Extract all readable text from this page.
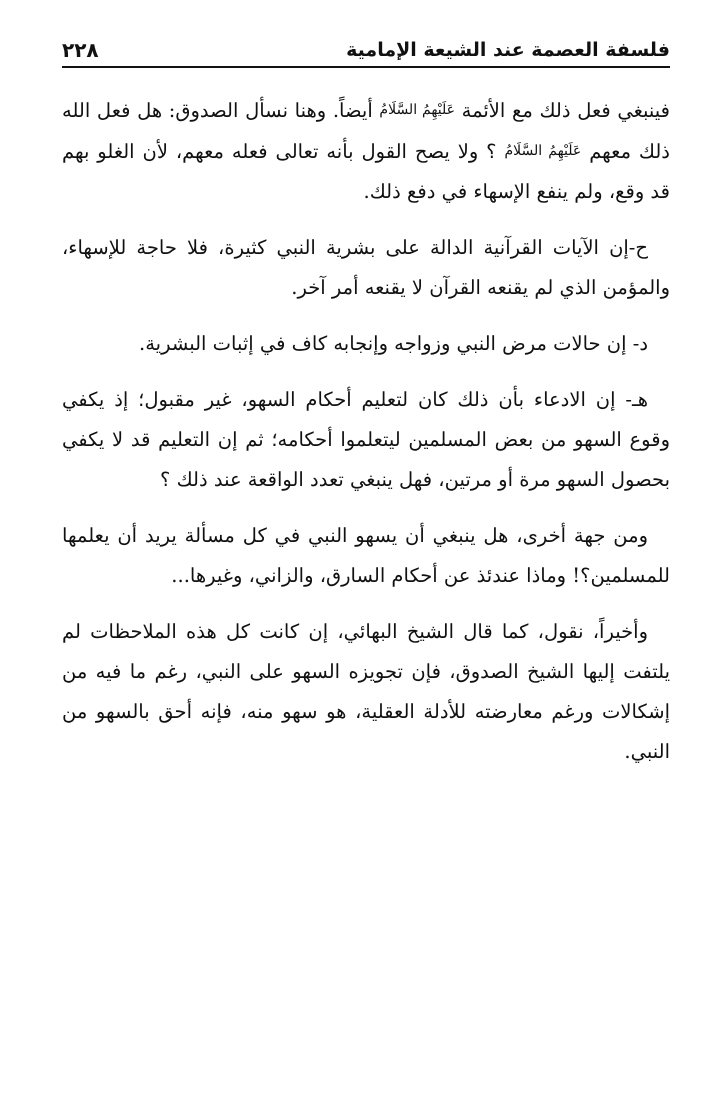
فلسفة العصمة عند الشيعة الإمامية
٢٢٨

فينبغي فعل ذلك مع الأئمة عَلَيْهِمُ السَّلَامُ أيضاً. وهنا نسأل الصدوق: هل فعل الله ذلك معهم عَلَيْهِمُ السَّلَامُ ؟ ولا يصح القول بأنه تعالى فعله معهم، لأن الغلو بهم قد وقع، ولم ينفع الإسهاء في دفع ذلك.

ح-إن الآيات القرآنية الدالة على بشرية النبي كثيرة، فلا حاجة للإسهاء، والمؤمن الذي لم يقنعه القرآن لا يقنعه أمر آخر.

د- إن حالات مرض النبي وزواجه وإنجابه كاف في إثبات البشرية.

هـ- إن الادعاء بأن ذلك كان لتعليم أحكام السهو، غير مقبول؛ إذ يكفي وقوع السهو من بعض المسلمين ليتعلموا أحكامه؛ ثم إن التعليم قد لا يكفي بحصول السهو مرة أو مرتين، فهل ينبغي تعدد الواقعة عند ذلك ؟

ومن جهة أخرى، هل ينبغي أن يسهو النبي في كل مسألة يريد أن يعلمها للمسلمين؟! وماذا عندئذ عن أحكام السارق، والزاني، وغيرها...

وأخيراً، نقول، كما قال الشيخ البهائي، إن كانت كل هذه الملاحظات لم يلتفت إليها الشيخ الصدوق، فإن تجويزه السهو على النبي، رغم ما فيه من إشكالات ورغم معارضته للأدلة العقلية، هو سهو منه، فإنه أحق بالسهو من النبي.
